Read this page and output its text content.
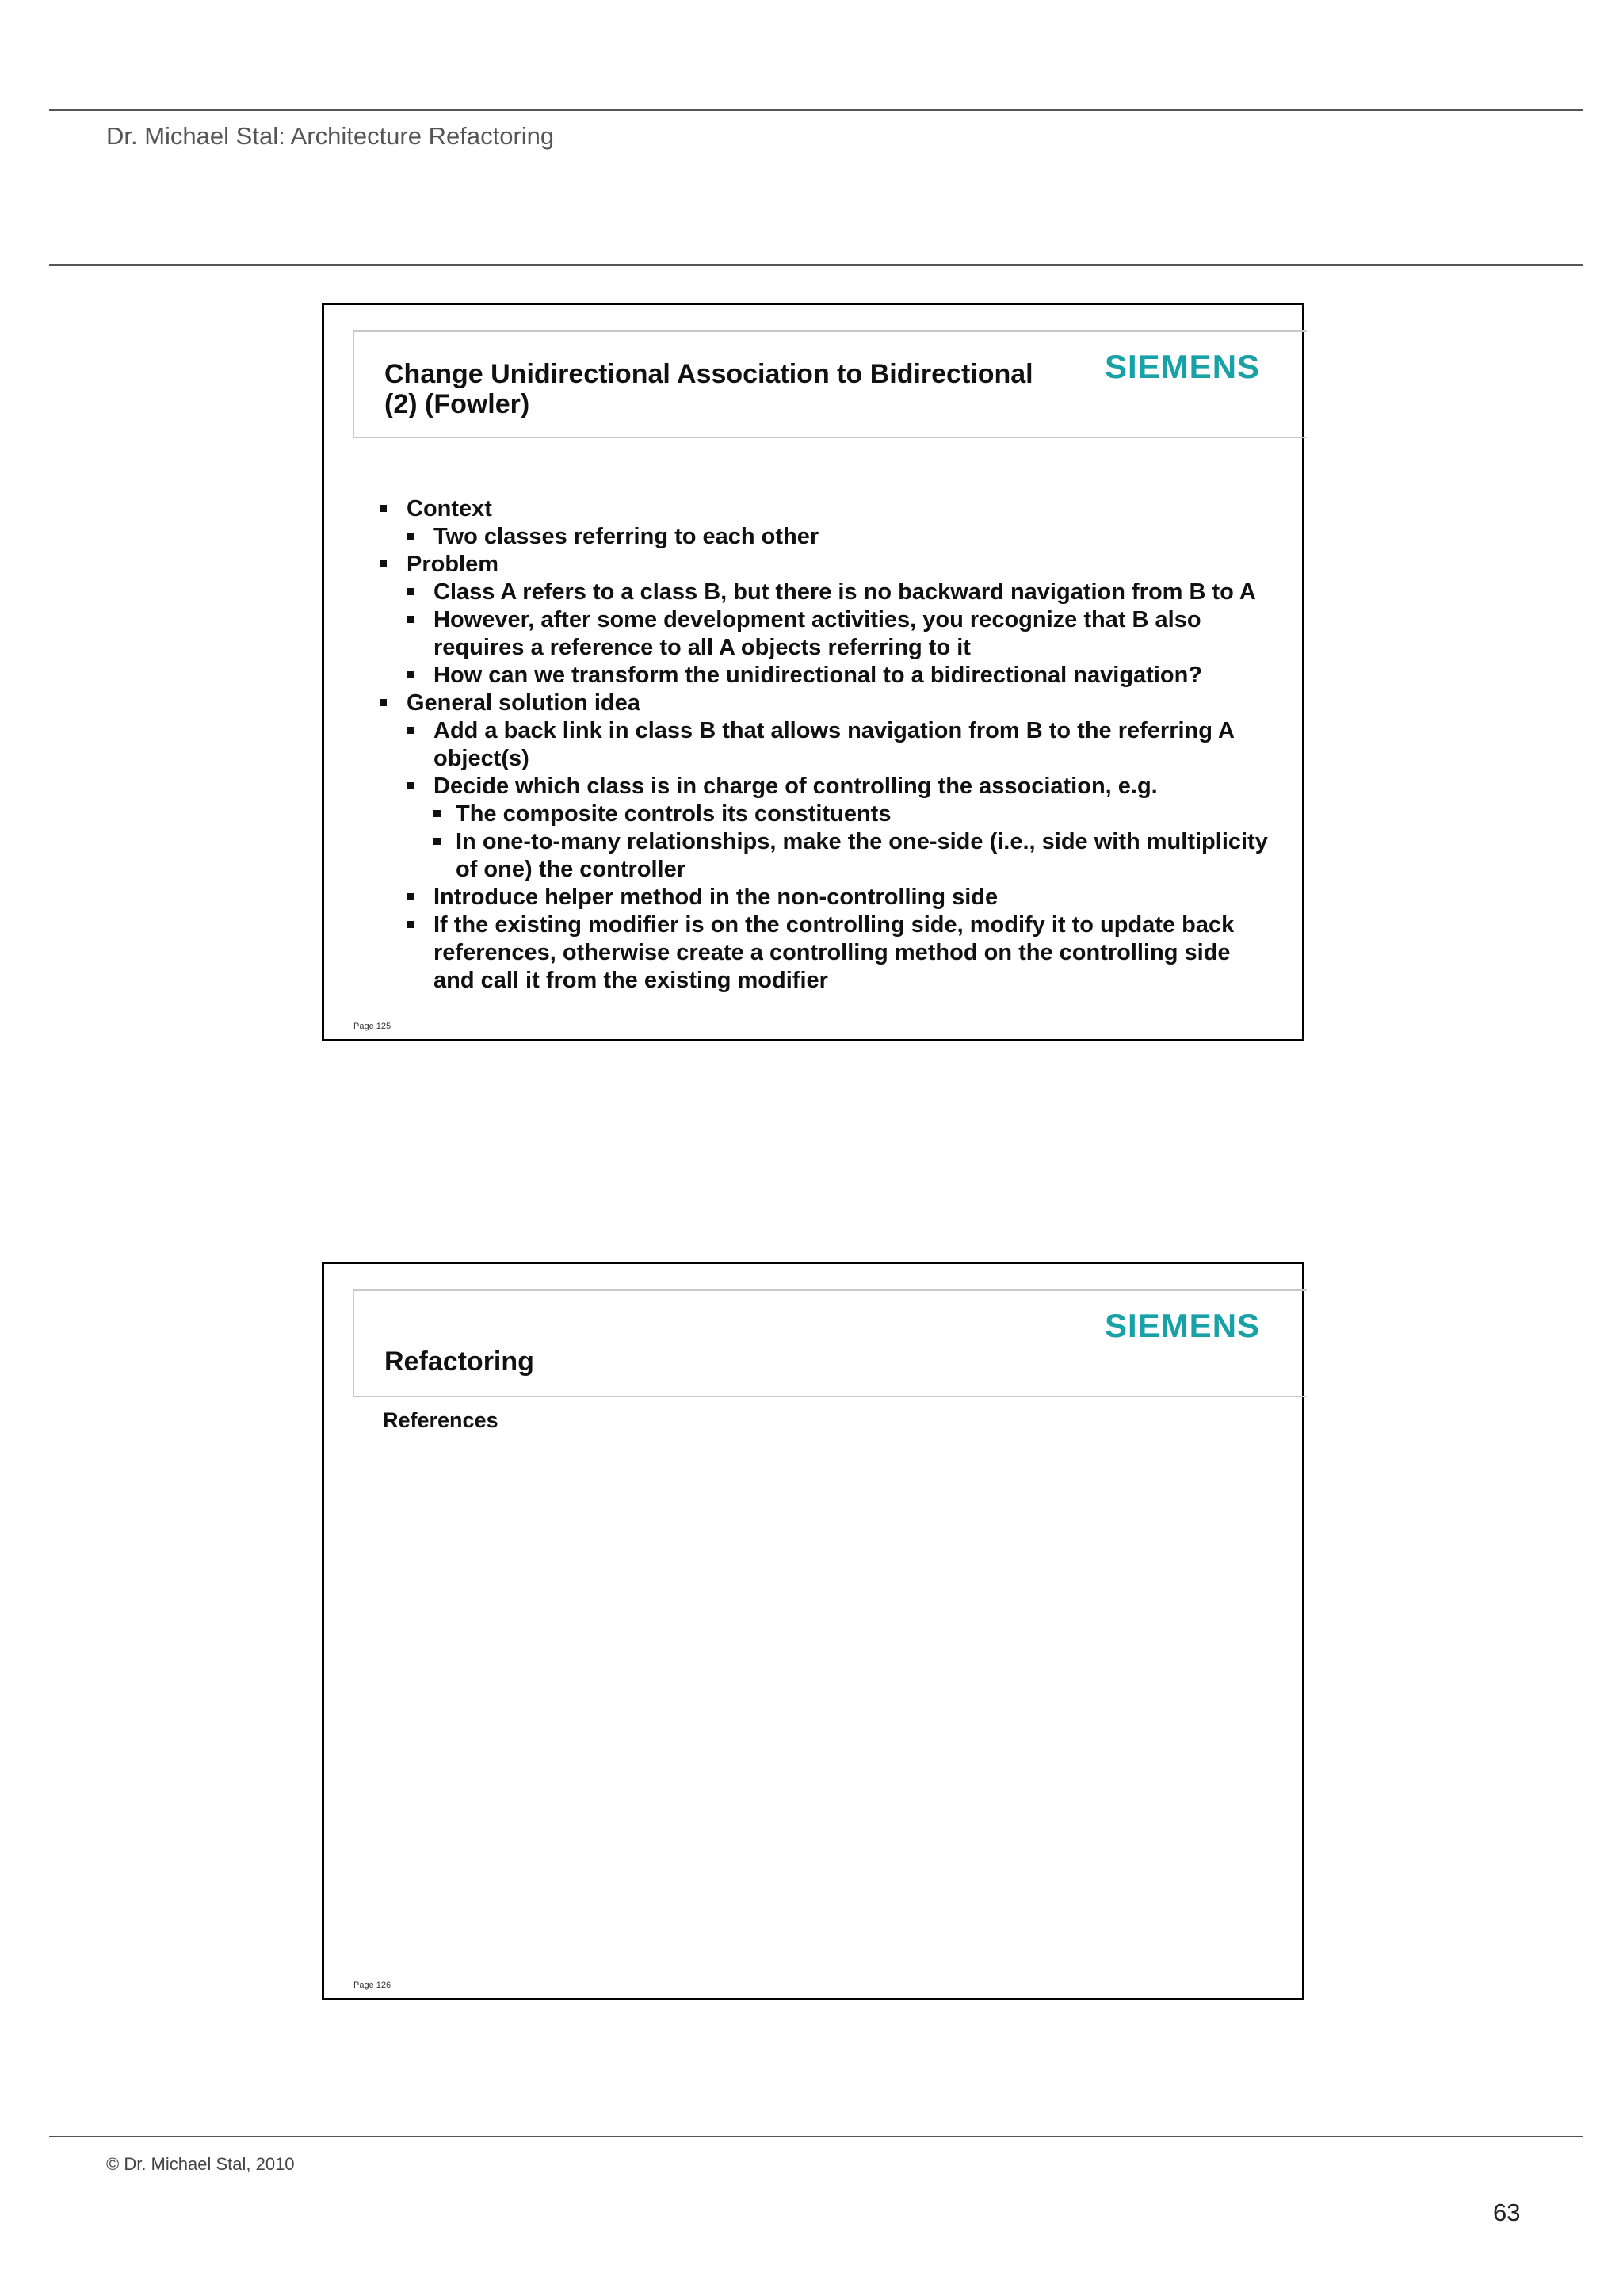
Dr. Michael Stal: Architecture Refactoring
Change Unidirectional Association to Bidirectional
(2) (Fowler)
SIEMENS
Context
Two classes referring to each other
Problem
Class A refers to a class B, but there is no backward navigation from B to A
However, after some development activities, you recognize that B also requires a reference to all A objects referring to it
How can we transform the unidirectional to a bidirectional navigation?
General solution idea
Add a back link in class B that allows navigation from B to the referring A object(s)
Decide which class is in charge of controlling the association, e.g.
The composite controls its constituents
In one-to-many relationships, make the one-side (i.e., side with multiplicity of one) the controller
Introduce helper method in the non-controlling side
If the existing modifier is on the controlling side, modify it to update back references, otherwise create a controlling method on the controlling side and call it from the existing modifier
Page 125
Refactoring
SIEMENS
References
Page 126
© Dr. Michael Stal, 2010
63
